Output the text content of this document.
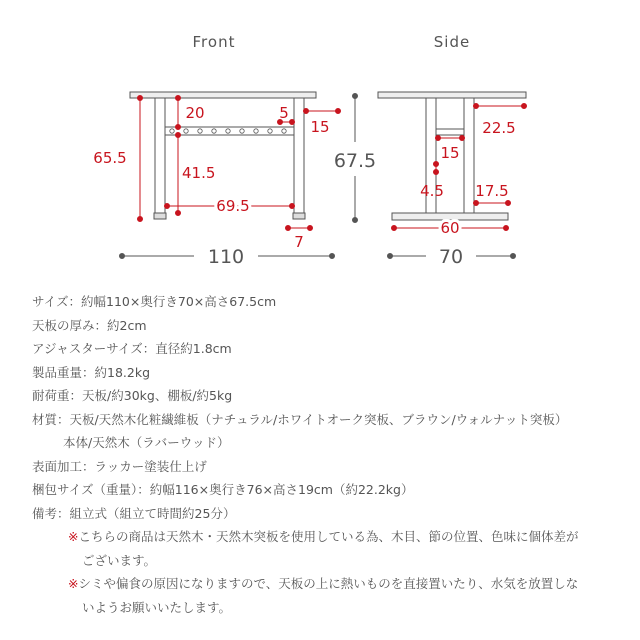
Front	Side
65.5
20
41.5
69.5
5
15
7
110
67.5
22.5
15
4.5 17.5
60
70
サイズ：約幅110×奥行き70×高さ67.5cm
天板の厚み：約2cm
アジャスターサイズ：直径約1.8cm
製品重量：約18.2kg
耐荷重：天板/約30kg、棚板/約5kg
材質：天板/天然木化粧繊維板（ナチュラル/ホワイトオーク突板、ブラウン/ウォルナット突板）
本体/天然木（ラバーウッド）
表面加工：ラッカー塗装仕上げ
梱包サイズ（重量）：約幅116×奥行き76×高さ19cm（約22.2kg）
備考：組立式（組立て時間約25分）
※こちらの商品は天然木・天然木突板を使用している為、木目、節の位置、色味に個体差が
ございます。
※シミや偏食の原因になりますので、天板の上に熱いものを直接置いたり、水気を放置しな
いようお願いいたします。
